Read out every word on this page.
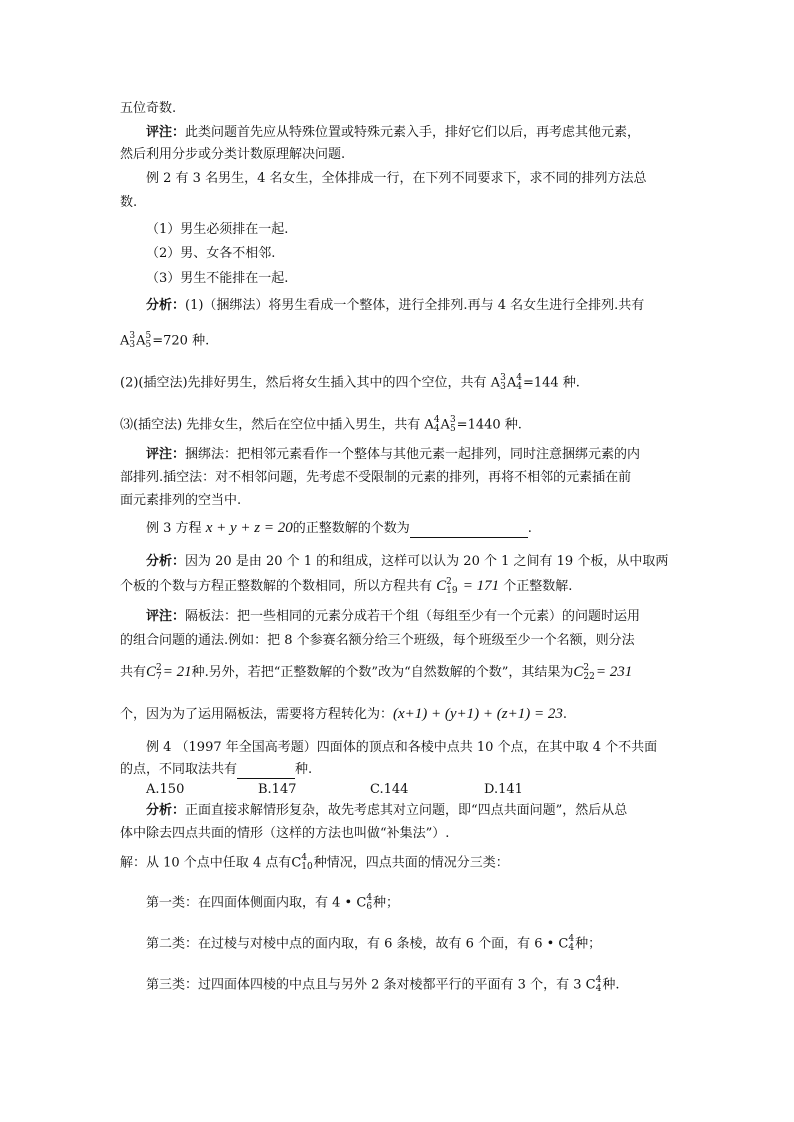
五位奇数.
评注：此类问题首先应从特殊位置或特殊元素入手，排好它们以后，再考虑其他元素，
然后利用分步或分类计数原理解决问题.
例 2 有 3 名男生，4 名女生，全体排成一行，在下列不同要求下，求不同的排列方法总
数.
（1）男生必须排在一起.
（2）男、女各不相邻.
（3）男生不能排在一起.
分析：(1)（捆绑法）将男生看成一个整体，进行全排列.再与 4 名女生进行全排列.共有
A 3
3 A 5
5 =720 种.
(2)(插空法)先排好男生，然后将女生插入其中的四个空位，共有 A 3
3 A 4
4 =144 种.
⑶(插空法) 先排女生，然后在空位中插入男生，共有 A 4
4 A 3
5 =1440 种.
评注：捆绑法：把相邻元素看作一个整体与其他元素一起排列，同时注意捆绑元素的内
部排列.插空法：对不相邻问题，先考虑不受限制的元素的排列，再将不相邻的元素插在前
面元素排列的空当中.
例 3 方程 x + y + z = 20的正整数解的个数为	.
分析：因为 20 是由 20 个 1 的和组成，这样可以认为 20 个 1 之间有 19 个板，从中取两
个板的个数与方程正整数解的个数相同，所以方程共有 C 2
19 = 171 个正整数解.
评注：隔板法：把一些相同的元素分成若干个组（每组至少有一个元素）的问题时运用
的组合问题的通法.例如：把 8 个参赛名额分给三个班级，每个班级至少一个名额，则分法
共有C 2
7 = 21种.另外，若把“正整数解的个数”改为“自然数解的个数”，其结果为C 2
22 = 231
个，因为为了运用隔板法，需要将方程转化为：(x+1) + (y+1) + (z+1) = 23.
例 4 （1997 年全国高考题）四面体的顶点和各棱中点共 10 个点，在其中取 4 个不共面
的点，不同取法共有	种.
A.150	B.147	C.144	D.141
分析：正面直接求解情形复杂，故先考虑其对立问题，即“四点共面问题”，然后从总
体中除去四点共面的情形（这样的方法也叫做“补集法”）.
解：从 10 个点中任取 4 点有C 4
10 种情况，四点共面的情况分三类：
第一类：在四面体侧面内取，有 4 • C 4
6 种；
第二类：在过棱与对棱中点的面内取，有 6 条棱，故有 6 个面，有 6 • C 4
4 种；
第三类：过四面体四棱的中点且与另外 2 条对棱都平行的平面有 3 个，有 3 C 4
4 种.
